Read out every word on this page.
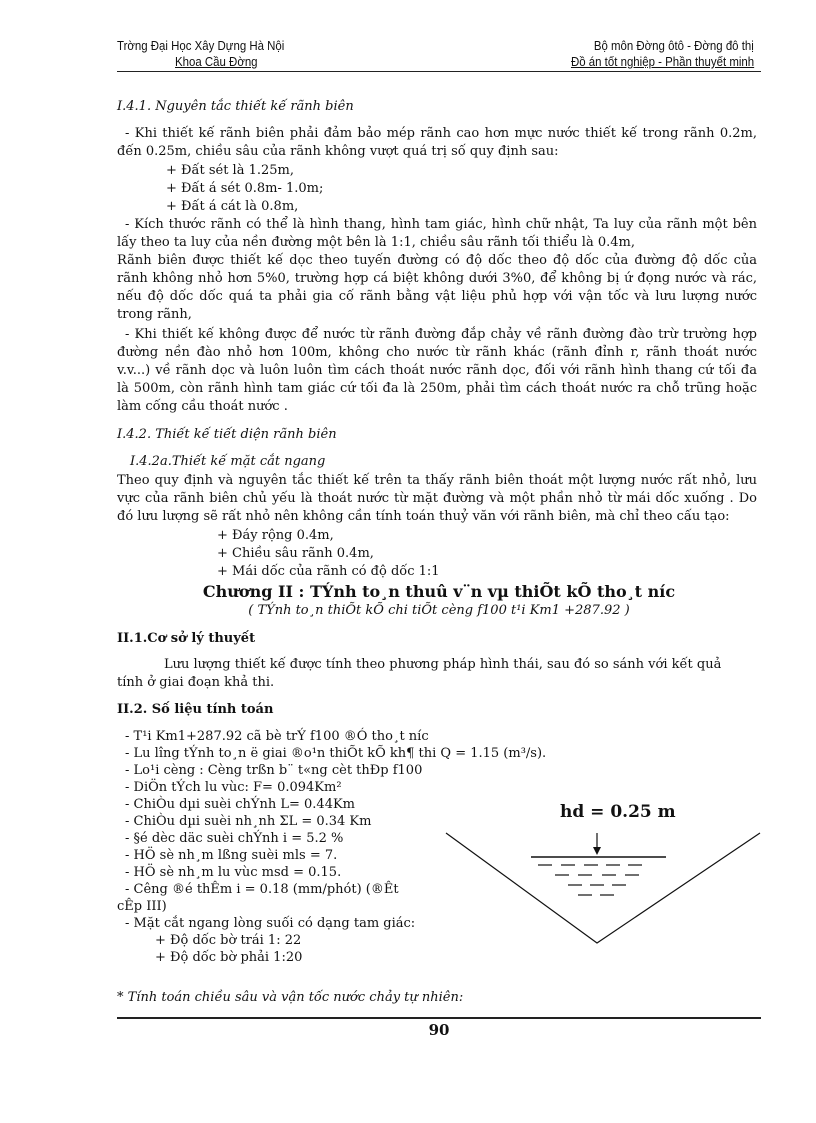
Trờng Đại Học Xây Dựng Hà Nội
Khoa Cầu Đờng
Bộ môn Đờng ôtô - Đờng đô thị
Đồ án tốt nghiệp - Phần thuyết minh
I.4.1. Nguyên tắc thiết kế rãnh biên
- Khi thiết kế rãnh biên phải đảm bảo mép rãnh cao hơn mực nước thiết kế trong rãnh 0.2m,
đến 0.25m, chiều sâu của rãnh không vượt quá trị số quy định sau:
+ Đất sét là 1.25m,
+ Đất á sét 0.8m- 1.0m;
+ Đất á cát là 0.8m,
- Kích thước rãnh có thể là hình thang, hình tam giác, hình chữ nhật, Ta luy của rãnh một bên
lấy theo ta luy của nền đường một bên là 1:1, chiều sâu rãnh tối thiểu là 0.4m,
Rãnh biên được thiết kế dọc theo tuyến đường có độ dốc theo độ dốc của đường độ dốc của
rãnh không nhỏ hơn 5%0, trường hợp cá biệt không dưới 3%0, để không bị ứ đọng nước và rác,
nếu độ dốc dốc quá ta phải gia cố rãnh bằng vật liệu phủ hợp với vận tốc và lưu lượng nước
trong rãnh,
- Khi thiết kế không được để nước từ rãnh đường đắp chảy về rãnh đường đào trừ trường hợp
đường nền đào nhỏ hơn 100m, không cho nước từ rãnh khác (rãnh đỉnh r, rãnh thoát nước
v.v...) về rãnh dọc và luôn luôn tìm cách thoát nước rãnh dọc, đối với rãnh hình thang cứ tối đa
là 500m, còn rãnh hình tam giác cứ tối đa là 250m, phải tìm cách thoát nước ra chỗ trũng hoặc
làm cống cầu thoát nước .
I.4.2. Thiết kế tiết diện rãnh biên
I.4.2a.Thiết kế mặt cắt ngang
Theo quy định và nguyên tắc thiết kế trên ta thấy rãnh biên thoát một lượng nước rất nhỏ, lưu
vực của rãnh biên chủ yếu là thoát nước từ mặt đường và một phần nhỏ từ mái dốc xuống . Do
đó lưu lượng sẽ rất nhỏ nên không cần tính toán thuỷ văn với rãnh biên, mà chỉ theo cấu tạo:
+ Đáy rộng 0.4m,
+ Chiều sâu rãnh 0.4m,
+ Mái dốc của rãnh có độ dốc 1:1
Chương II : TÝnh to¸n thuû v¨n vµ thiÕt kÕ tho¸t níc
( TÝnh to¸n thiÕt kÕ chi tiÕt cèng f100 t¹i Km1 +287.92 )
II.1.Cơ sở lý thuyết
Lưu lượng thiết kế được tính theo phương pháp hình thái, sau đó so sánh với kết quả
tính ở giai đoạn khả thi.
II.2. Số liệu tính toán
- T¹i Km1+287.92 cã bè trÝ f100 ®Ó tho¸t níc
- Lu lîng tÝnh to¸n ë giai ®o¹n thiÕt kÕ kh¶ thi Q = 1.15 (m³/s).
- Lo¹i cèng : Cèng trßn b¨ t«ng cèt thÐp f100
- DiÖn tÝch lu vùc: F= 0.094Km²
- ChiÒu dµi suèi chÝnh L= 0.44Km
- ChiÒu dµi suèi nh¸nh ΣL = 0.34 Km
- §é dèc däc suèi chÝnh i = 5.2 %
- HÖ sè nh¸m lßng suèi mls = 7.
- HÖ sè nh¸m lu vùc msd = 0.15.
- Cêng ®é thÊm i = 0.18 (mm/phót) (®Êt
cÊp III)
- Mặt cắt ngang lòng suối có dạng tam giác:
+ Độ dốc bờ trái 1: 22
+ Độ dốc bờ phải 1:20
* Tính toán chiều sâu và vận tốc nước chảy tự nhiên:
hd = 0.25 m
90
